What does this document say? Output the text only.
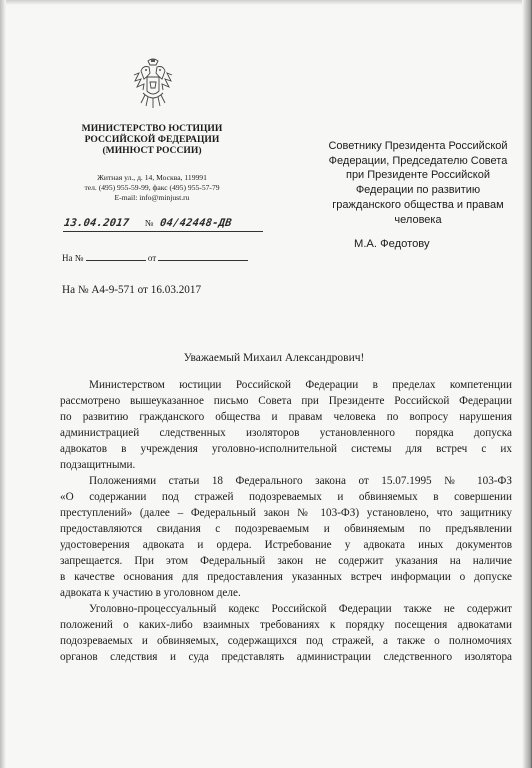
МИНИСТЕРСТВО ЮСТИЦИИ
РОССИЙСКОЙ ФЕДЕРАЦИИ
(МИНЮСТ РОССИИ)
Житная ул., д. 14, Москва, 119991
тел. (495) 955-59-99, факс (495) 955-57-79
E-mail: info@minjust.ru
13.04.2017 № 04/42448-ДВ
На №	от
На № А4-9-571 от 16.03.2017
Советнику Президента Российской
Федерации, Председателю Совета
при Президенте Российской
Федерации по развитию
гражданского общества и правам
человека
М.А. Федотову
Уважаемый Михаил Александрович!
Министерством юстиции Российской Федерации в пределах компетенции
рассмотрено вышеуказанное письмо Совета при Президенте Российской Федерации
по развитию гражданского общества и правам человека по вопросу нарушения
администрацией следственных изоляторов установленного порядка допуска
адвокатов в учреждения уголовно-исполнительной системы для встреч с их
подзащитными.
Положениями статьи 18 Федерального закона от 15.07.1995 № 103-ФЗ
«О содержании под стражей подозреваемых и обвиняемых в совершении
преступлений» (далее – Федеральный закон № 103-ФЗ) установлено, что защитнику
предоставляются свидания с подозреваемым и обвиняемым по предъявлении
удостоверения адвоката и ордера. Истребование у адвоката иных документов
запрещается. При этом Федеральный закон не содержит указания на наличие
в качестве основания для предоставления указанных встреч информации о допуске
адвоката к участию в уголовном деле.
Уголовно-процессуальный кодекс Российской Федерации также не содержит
положений о каких-либо взаимных требованиях к порядку посещения адвокатами
подозреваемых и обвиняемых, содержащихся под стражей, а также о полномочиях
органов следствия и суда представлять администрации следственного изолятора
